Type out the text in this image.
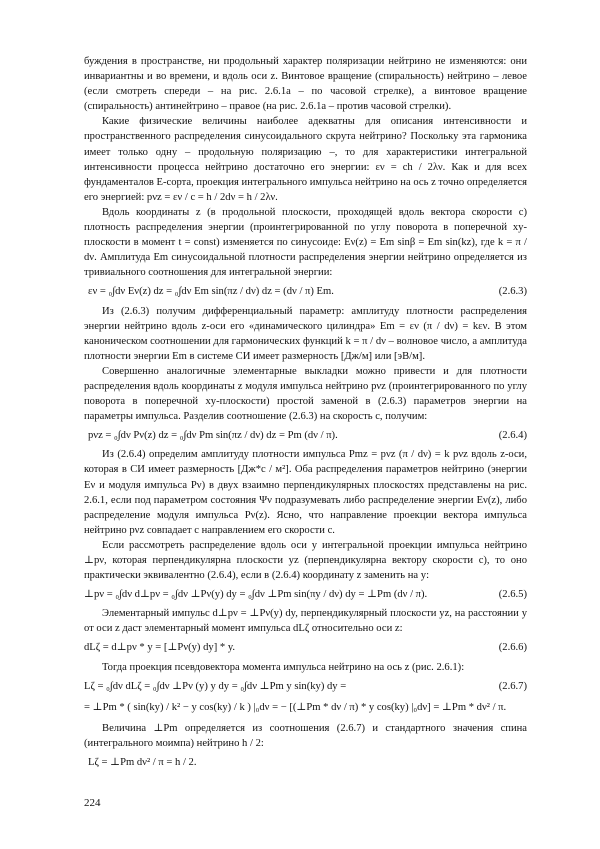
буждения в пространстве, ни продольный характер поляризации нейтрино не изменяются: они инвариантны и во времени, и вдоль оси z. Винтовое вращение (спиральность) нейтрино – левое (если смотреть спереди – на рис. 2.6.1а – по часовой стрелке), а винтовое вращение (спиральность) антинейтрино – правое (на рис. 2.6.1а – против часовой стрелки).

Какие физические величины наиболее адекватны для описания интенсивности и пространственного распределения синусоидального скрута нейтрино? Поскольку эта гармоника имеет только одну – продольную поляризацию –, то для характеристики интегральной интенсивности процесса нейтрино достаточно его энергии: εν = ch / 2λν. Как и для всех фундаменталов Е-сорта, проекция интегрального импульса нейтрино на ось z точно определяется его энергией: pνz = εν / c = h / 2dν = h / 2λν.

Вдоль координаты z (в продольной плоскости, проходящей вдоль вектора скорости c) плотность распределения энергии (проинтегрированной по углу поворота в поперечной xy-плоскости в момент t = const) изменяется по синусоиде: Eν(z) = Em sinβ = Em sin(kz), где k = π / dν. Амплитуда Em синусоидальной плотности распределения энергии нейтрино определяется из тривиального соотношения для интегральной энергии:

εν = ₀∫dν Eν(z) dz = ₀∫dν Em sin(πz / dν) dz = (dν / π) Em.	(2.6.3)

Из (2.6.3) получим дифференциальный параметр: амплитуду плотности распределения энергии нейтрино вдоль z-оси его «динамического цилиндра» Em = εν (π / dν) = kεν. В этом каноническом соотношении для гармонических функций k = π / dν – волновое число, а амплитуда плотности энергии Em в системе СИ имеет размерность [Дж/м] или [эВ/м].

Совершенно аналогичные элементарные выкладки можно привести и для плотности распределения вдоль координаты z модуля импульса нейтрино pνz (проинтегрированного по углу поворота в поперечной xy-плоскости) простой заменой в (2.6.3) параметров энергии на параметры импульса. Разделив соотношение (2.6.3) на скорость c, получим:

pνz = ₀∫dν Pν(z) dz = ₀∫dν Pm sin(πz / dν) dz = Pm (dν / π).	(2.6.4)

Из (2.6.4) определим амплитуду плотности импульса Pmz = pνz (π / dν) = k pνz вдоль z-оси, которая в СИ имеет размерность [Дж*с / м²]. Оба распределения параметров нейтрино (энергии Eν и модуля импульса Pν) в двух взаимно перпендикулярных плоскостях представлены на рис. 2.6.1, если под параметром состояния Ψν подразумевать либо распределение энергии Eν(z), либо распределение модуля импульса Pν(z). Ясно, что направление проекции вектора импульса нейтрино pνz совпадает с направлением его скорости c.

Если рассмотреть распределение вдоль оси y интегральной проекции импульса нейтрино ⊥pν, которая перпендикулярна плоскости yz (перпендикулярна вектору скорости c), то оно практически эквивалентно (2.6.4), если в (2.6.4) координату z заменить на y:

⊥pν = ₀∫dν d⊥pν = ₀∫dν ⊥Pν(y) dy = ₀∫dν ⊥Pm sin(πy / dν) dy = ⊥Pm (dν / π).	(2.6.5)

Элементарный импульс d⊥pν = ⊥Pν(y) dy, перпендикулярный плоскости yz, на расстоянии y от оси z даст элементарный момент импульса dLζ относительно оси z:

dLζ = d⊥pν * y = [⊥Pν(y) dy] * y.	(2.6.6)

Тогда проекция псевдовектора момента импульса нейтрино на ось z (рис. 2.6.1):

Lζ = ₀∫dν dLζ = ₀∫dν ⊥Pν (y) y dy = ₀∫dν ⊥Pm y sin(ky) dy =	(2.6.7)
= ⊥Pm * ( sin(ky) / k² − y cos(ky) / k ) |₀dν = − [(⊥Pm * dν / π) * y cos(ky) |₀dν] = ⊥Pm * dν² / π.

Величина ⊥Pm определяется из соотношения (2.6.7) и стандартного значения спина (интегрального моимпа) нейтрино h / 2:

Lζ = ⊥Pm dν² / π = h / 2.
224
